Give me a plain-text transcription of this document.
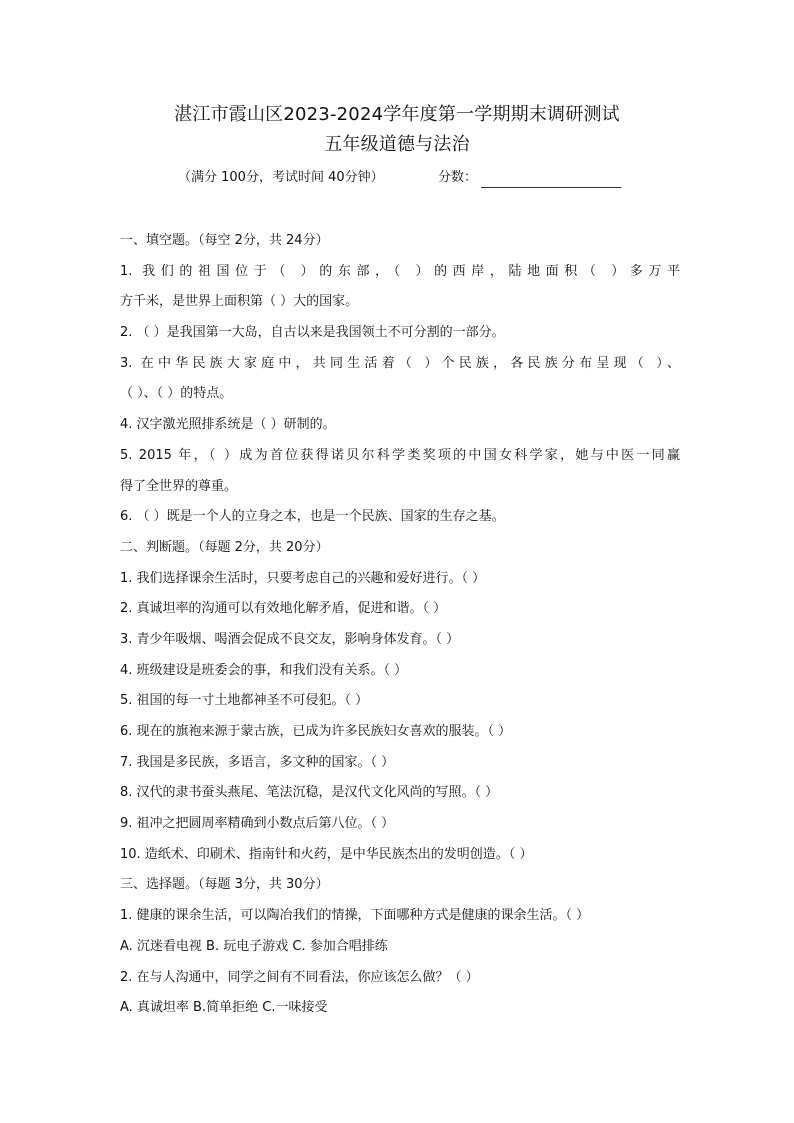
湛江市霞山区2023-2024学年度第一学期期末调研测试
五年级道德与法治
（满分 100分，考试时间 40分钟）	分数：
一、填空题。（每空 2分，共 24分）
1. 我们的祖国位于（ ）的东部，（ ）的西岸，陆地面积（ ）多万平
方千米，是世界上面积第（ ）大的国家。
2. （ ）是我国第一大岛，自古以来是我国领土不可分割的一部分。
3. 在中华民族大家庭中，共同生活着（ ）个民族，各民族分布呈现（ ）、
（ ）、（ ）的特点。
4. 汉字激光照排系统是（ ）研制的。
5. 2015 年，（ ）成为首位获得诺贝尔科学类奖项的中国女科学家，她与中医一同赢
得了全世界的尊重。
6. （ ）既是一个人的立身之本，也是一个民族、国家的生存之基。
二、判断题。（每题 2分，共 20分）
1. 我们选择课余生活时，只要考虑自己的兴趣和爱好进行。（ ）
2. 真诚坦率的沟通可以有效地化解矛盾，促进和谐。（ ）
3. 青少年吸烟、喝酒会促成不良交友，影响身体发育。（ ）
4. 班级建设是班委会的事，和我们没有关系。（ ）
5. 祖国的每一寸土地都神圣不可侵犯。（ ）
6. 现在的旗袍来源于蒙古族，已成为许多民族妇女喜欢的服装。（ ）
7. 我国是多民族，多语言，多文种的国家。（ ）
8. 汉代的隶书蚕头燕尾、笔法沉稳，是汉代文化风尚的写照。（ ）
9. 祖冲之把圆周率精确到小数点后第八位。（ ）
10. 造纸术、印刷术、指南针和火药，是中华民族杰出的发明创造。（ ）
三、选择题。（每题 3分，共 30分）
1. 健康的课余生活，可以陶冶我们的情操，下面哪种方式是健康的课余生活。（ ）
A. 沉迷看电视 B. 玩电子游戏 C. 参加合唱排练
2. 在与人沟通中，同学之间有不同看法，你应该怎么做？（ ）
A. 真诚坦率 B.简单拒绝 C.一味接受
